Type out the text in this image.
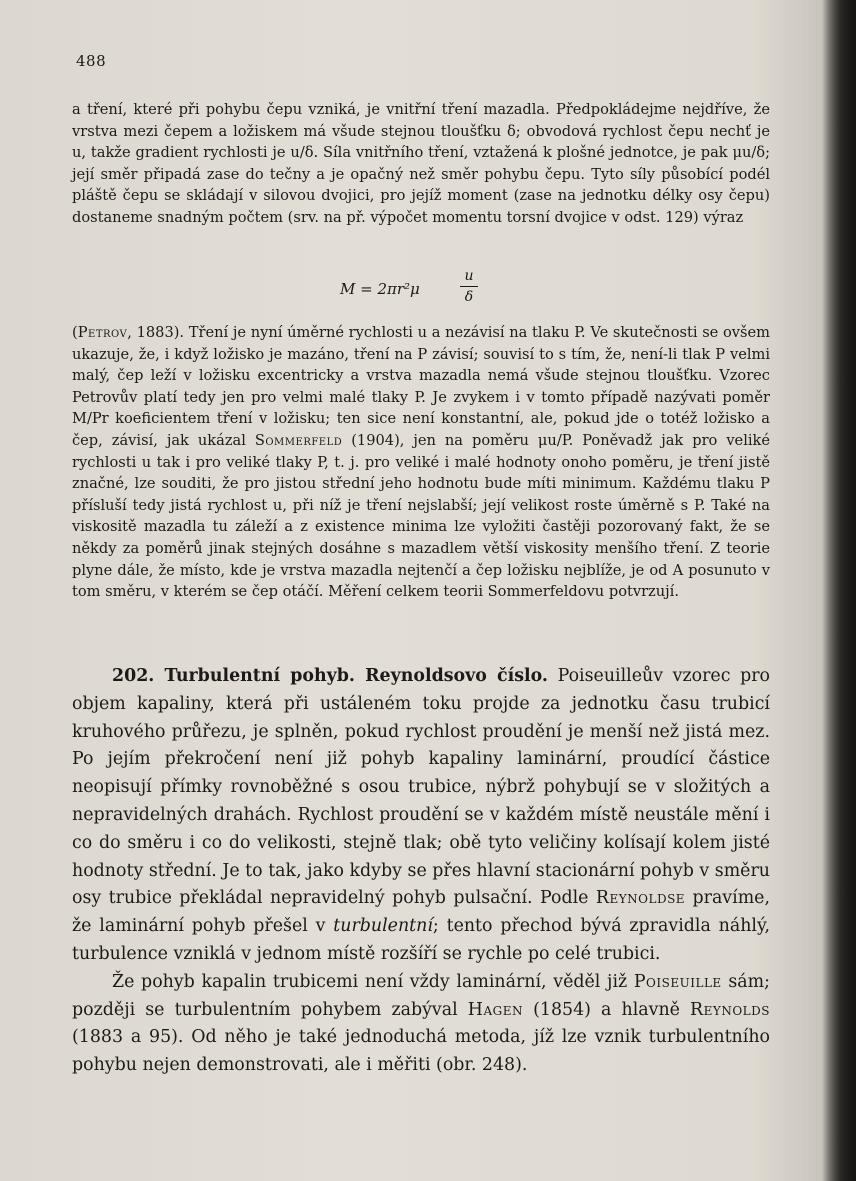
488

a tření, které při pohybu čepu vzniká, je vnitřní tření mazadla. Předpokládejme nejdříve, že vrstva mezi čepem a ložiskem má všude stejnou tloušťku δ; obvodová rychlost čepu nechť je u, takže gradient rychlosti je u/δ. Síla vnitřního tření, vztažená k plošné jednotce, je pak μu/δ; její směr připadá zase do tečny a je opačný než směr pohybu čepu. Tyto síly působící podél pláště čepu se skládají v silovou dvojici, pro jejíž moment (zase na jednotku délky osy čepu) dostaneme snadným počtem (srv. na př. výpočet momentu torsní dvojice v odst. 129) výraz

M = 2πr²μ
u
δ
(Petrov, 1883). Tření je nyní úměrné rychlosti u a nezávisí na tlaku P. Ve skutečnosti se ovšem ukazuje, že, i když ložisko je mazáno, tření na P závisí; souvisí to s tím, že, není-li tlak P velmi malý, čep leží v ložisku excentricky a vrstva mazadla nemá všude stejnou tloušťku. Vzorec Petrovův platí tedy jen pro velmi malé tlaky P. Je zvykem i v tomto případě nazývati poměr M/Pr koeficientem tření v ložisku; ten sice není konstantní, ale, pokud jde o totéž ložisko a čep, závisí, jak ukázal Sommerfeld (1904), jen na poměru μu/P. Poněvadž jak pro veliké rychlosti u tak i pro veliké tlaky P, t. j. pro veliké i malé hodnoty onoho poměru, je tření jistě značné, lze souditi, že pro jistou střední jeho hodnotu bude míti minimum. Každému tlaku P přísluší tedy jistá rychlost u, při níž je tření nejslabší; její velikost roste úměrně s P. Také na viskositě mazadla tu záleží a z existence minima lze vyložiti častěji pozorovaný fakt, že se někdy za poměrů jinak stejných dosáhne s mazadlem větší viskosity menšího tření. Z teorie plyne dále, že místo, kde je vrstva mazadla nejtenčí a čep ložisku nejblíže, je od A posunuto v tom směru, v kterém se čep otáčí. Měření celkem teorii Sommerfeldovu potvrzují.

202. Turbulentní pohyb. Reynoldsovo číslo. Poiseuilleův vzorec pro objem kapaliny, která při ustáleném toku projde za jednotku času trubicí kruhového průřezu, je splněn, pokud rychlost proudění je menší než jistá mez. Po jejím překročení není již pohyb kapaliny laminární, proudící částice neopisují přímky rovnoběžné s osou trubice, nýbrž pohybují se v složitých a nepravidelných drahách. Rychlost proudění se v každém místě neustále mění i co do směru i co do velikosti, stejně tlak; obě tyto veličiny kolísají kolem jisté hodnoty střední. Je to tak, jako kdyby se přes hlavní stacionární pohyb v směru osy trubice překládal nepravidelný pohyb pulsační. Podle Reynoldse pravíme, že laminární pohyb přešel v turbulentní; tento přechod bývá zpravidla náhlý, turbulence vzniklá v jednom místě rozšíří se rychle po celé trubici.

Že pohyb kapalin trubicemi není vždy laminární, věděl již Poiseuille sám; později se turbulentním pohybem zabýval Hagen (1854) a hlavně Reynolds (1883 a 95). Od něho je také jednoduchá metoda, jíž lze vznik turbulentního pohybu nejen demonstrovati, ale i měřiti (obr. 248).
